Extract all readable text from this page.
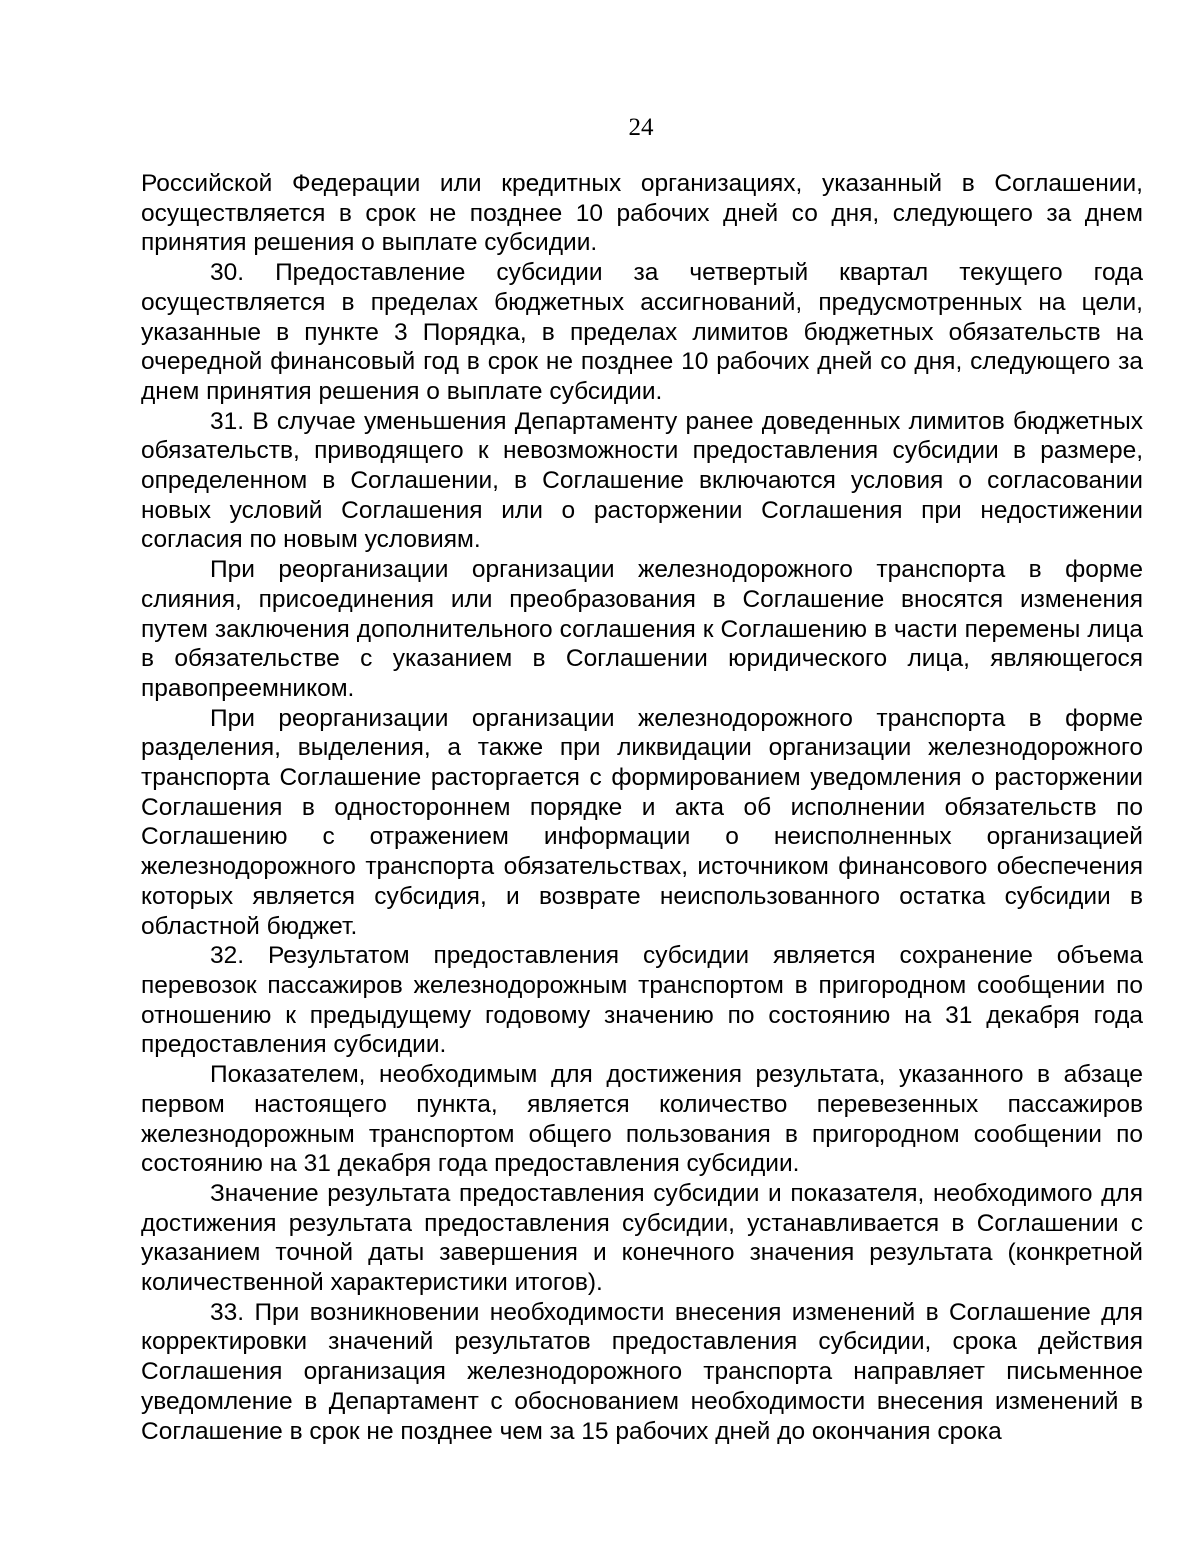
24

Российской Федерации или кредитных организациях, указанный в Соглашении, осуществляется в срок не позднее 10 рабочих дней со дня, следующего за днем принятия решения о выплате субсидии.

30. Предоставление субсидии за четвертый квартал текущего года осуществляется в пределах бюджетных ассигнований, предусмотренных на цели, указанные в пункте 3 Порядка, в пределах лимитов бюджетных обязательств на очередной финансовый год в срок не позднее 10 рабочих дней со дня, следующего за днем принятия решения о выплате субсидии.

31. В случае уменьшения Департаменту ранее доведенных лимитов бюджетных обязательств, приводящего к невозможности предоставления субсидии в размере, определенном в Соглашении, в Соглашение включаются условия о согласовании новых условий Соглашения или о расторжении Соглашения при недостижении согласия по новым условиям.

При реорганизации организации железнодорожного транспорта в форме слияния, присоединения или преобразования в Соглашение вносятся изменения путем заключения дополнительного соглашения к Соглашению в части перемены лица в обязательстве с указанием в Соглашении юридического лица, являющегося правопреемником.

При реорганизации организации железнодорожного транспорта в форме разделения, выделения, а также при ликвидации организации железнодорожного транспорта Соглашение расторгается с формированием уведомления о расторжении Соглашения в одностороннем порядке и акта об исполнении обязательств по Соглашению с отражением информации о неисполненных организацией железнодорожного транспорта обязательствах, источником финансового обеспечения которых является субсидия, и возврате неиспользованного остатка субсидии в областной бюджет.

32. Результатом предоставления субсидии является сохранение объема перевозок пассажиров железнодорожным транспортом в пригородном сообщении по отношению к предыдущему годовому значению по состоянию на 31 декабря года предоставления субсидии.

Показателем, необходимым для достижения результата, указанного в абзаце первом настоящего пункта, является количество перевезенных пассажиров железнодорожным транспортом общего пользования в пригородном сообщении по состоянию на 31 декабря года предоставления субсидии.

Значение результата предоставления субсидии и показателя, необходимого для достижения результата предоставления субсидии, устанавливается в Соглашении с указанием точной даты завершения и конечного значения результата (конкретной количественной характеристики итогов).

33. При возникновении необходимости внесения изменений в Соглашение для корректировки значений результатов предоставления субсидии, срока действия Соглашения организация железнодорожного транспорта направляет письменное уведомление в Департамент с обоснованием необходимости внесения изменений в Соглашение в срок не позднее чем за 15 рабочих дней до окончания срока
